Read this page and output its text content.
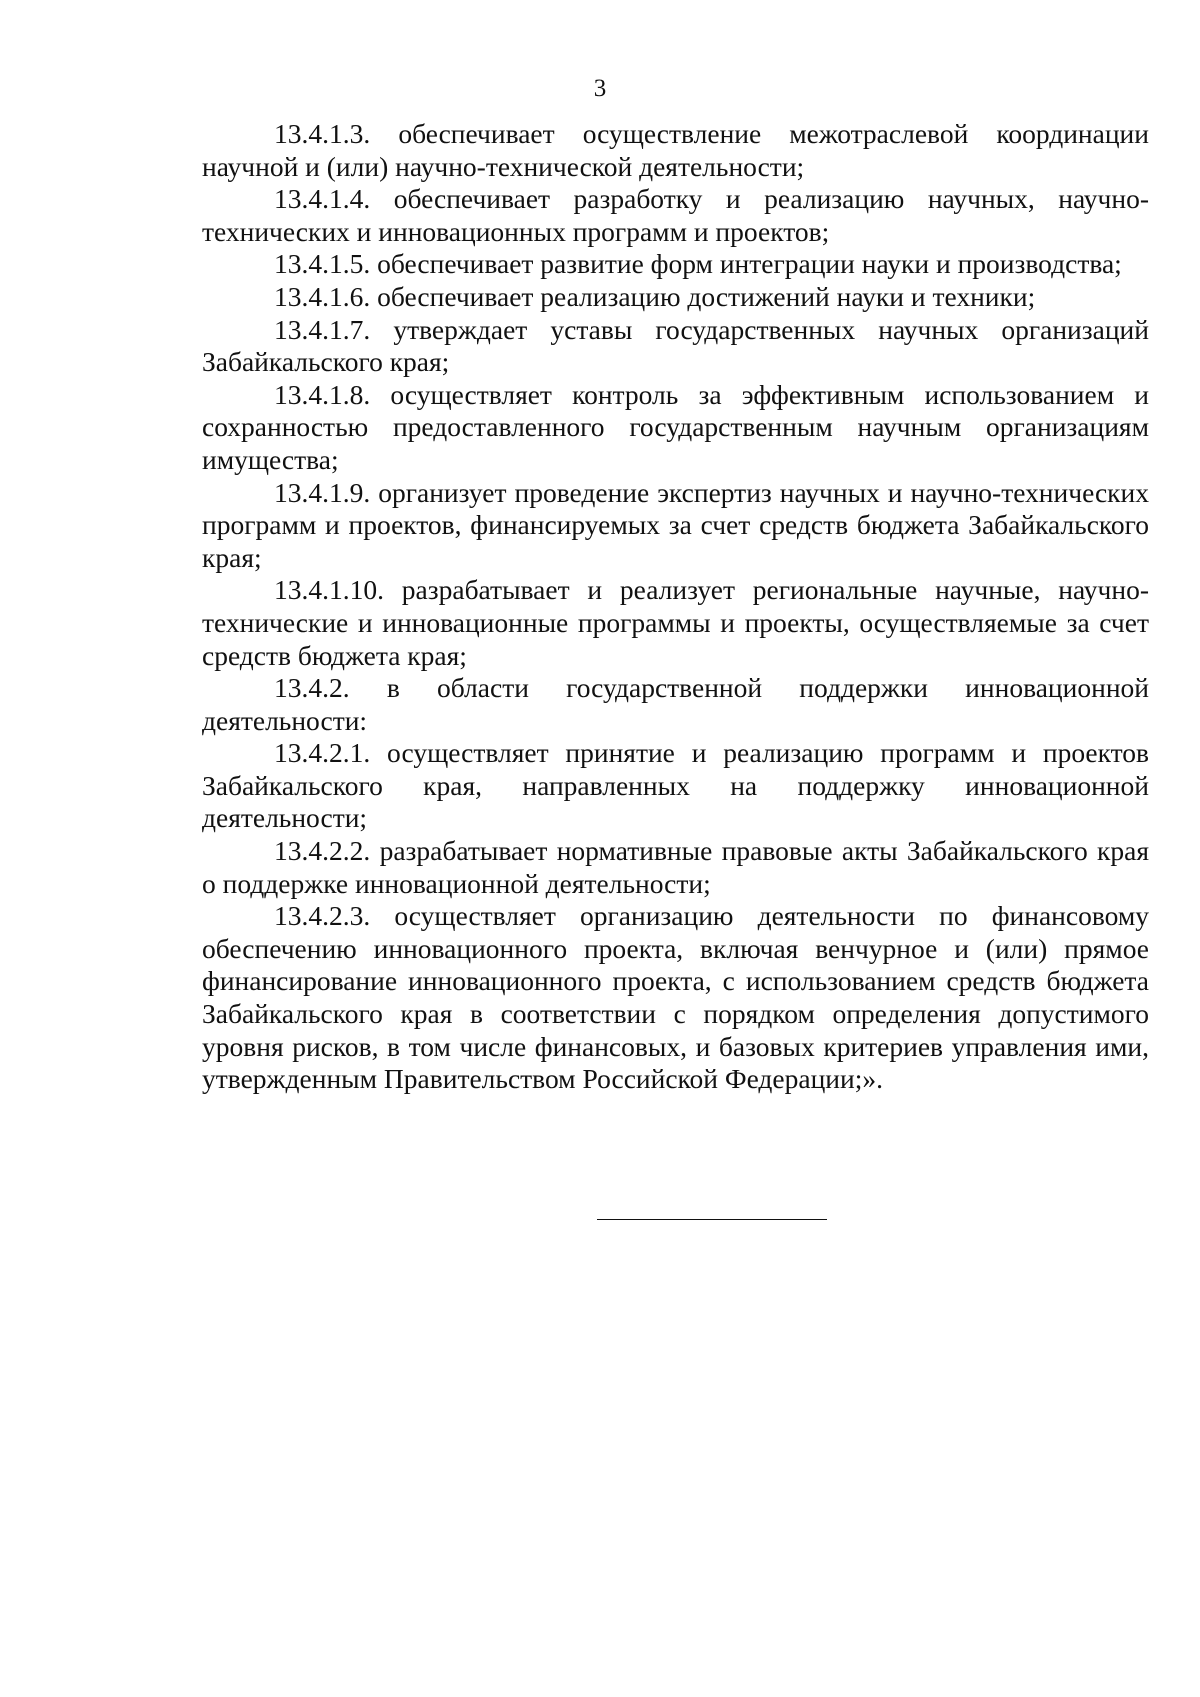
3

13.4.1.3. обеспечивает осуществление межотраслевой координации научной и (или) научно-технической деятельности;

13.4.1.4. обеспечивает разработку и реализацию научных, научно-технических и инновационных программ и проектов;

13.4.1.5. обеспечивает развитие форм интеграции науки и производства;

13.4.1.6. обеспечивает реализацию достижений науки и техники;

13.4.1.7. утверждает уставы государственных научных организаций Забайкальского края;

13.4.1.8. осуществляет контроль за эффективным использованием и сохранностью предоставленного государственным научным организациям имущества;

13.4.1.9. организует проведение экспертиз научных и научно-технических программ и проектов, финансируемых за счет средств бюджета Забайкальского края;

13.4.1.10. разрабатывает и реализует региональные научные, научно-технические и инновационные программы и проекты, осуществляемые за счет средств бюджета края;

13.4.2. в области государственной поддержки инновационной деятельности:

13.4.2.1. осуществляет принятие и реализацию программ и проектов Забайкальского края, направленных на поддержку инновационной деятельности;

13.4.2.2. разрабатывает нормативные правовые акты Забайкальского края о поддержке инновационной деятельности;

13.4.2.3. осуществляет организацию деятельности по финансовому обеспечению инновационного проекта, включая венчурное и (или) прямое финансирование инновационного проекта, с использованием средств бюджета Забайкальского края в соответствии с порядком определения допустимого уровня рисков, в том числе финансовых, и базовых критериев управления ими, утвержденным Правительством Российской Федерации;».
